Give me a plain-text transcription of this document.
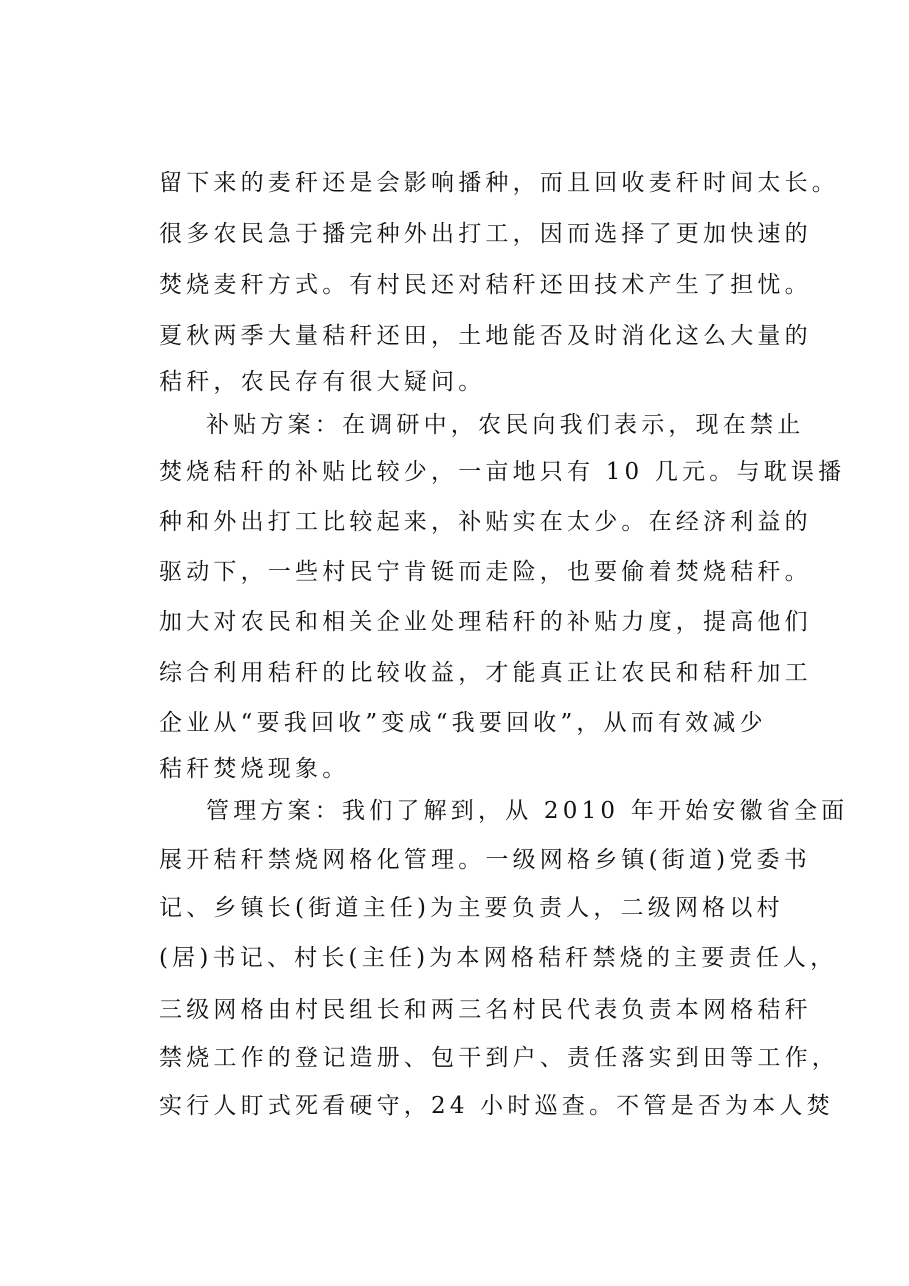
留下来的麦秆还是会影响播种，而且回收麦秆时间太长。
很多农民急于播完种外出打工，因而选择了更加快速的
焚烧麦秆方式。有村民还对秸秆还田技术产生了担忧。
夏秋两季大量秸秆还田，土地能否及时消化这么大量的
秸秆，农民存有很大疑问。
补贴方案：在调研中，农民向我们表示，现在禁止
焚烧秸秆的补贴比较少，一亩地只有 10 几元。与耽误播
种和外出打工比较起来，补贴实在太少。在经济利益的
驱动下，一些村民宁肯铤而走险，也要偷着焚烧秸秆。
加大对农民和相关企业处理秸秆的补贴力度，提高他们
综合利用秸秆的比较收益，才能真正让农民和秸秆加工
企业从“要我回收”变成“我要回收”，从而有效减少
秸秆焚烧现象。
管理方案：我们了解到，从 2010 年开始安徽省全面
展开秸秆禁烧网格化管理。一级网格乡镇(街道)党委书
记、乡镇长(街道主任)为主要负责人，二级网格以村
(居)书记、村长(主任)为本网格秸秆禁烧的主要责任人，
三级网格由村民组长和两三名村民代表负责本网格秸秆
禁烧工作的登记造册、包干到户、责任落实到田等工作，
实行人盯式死看硬守，24 小时巡查。不管是否为本人焚
